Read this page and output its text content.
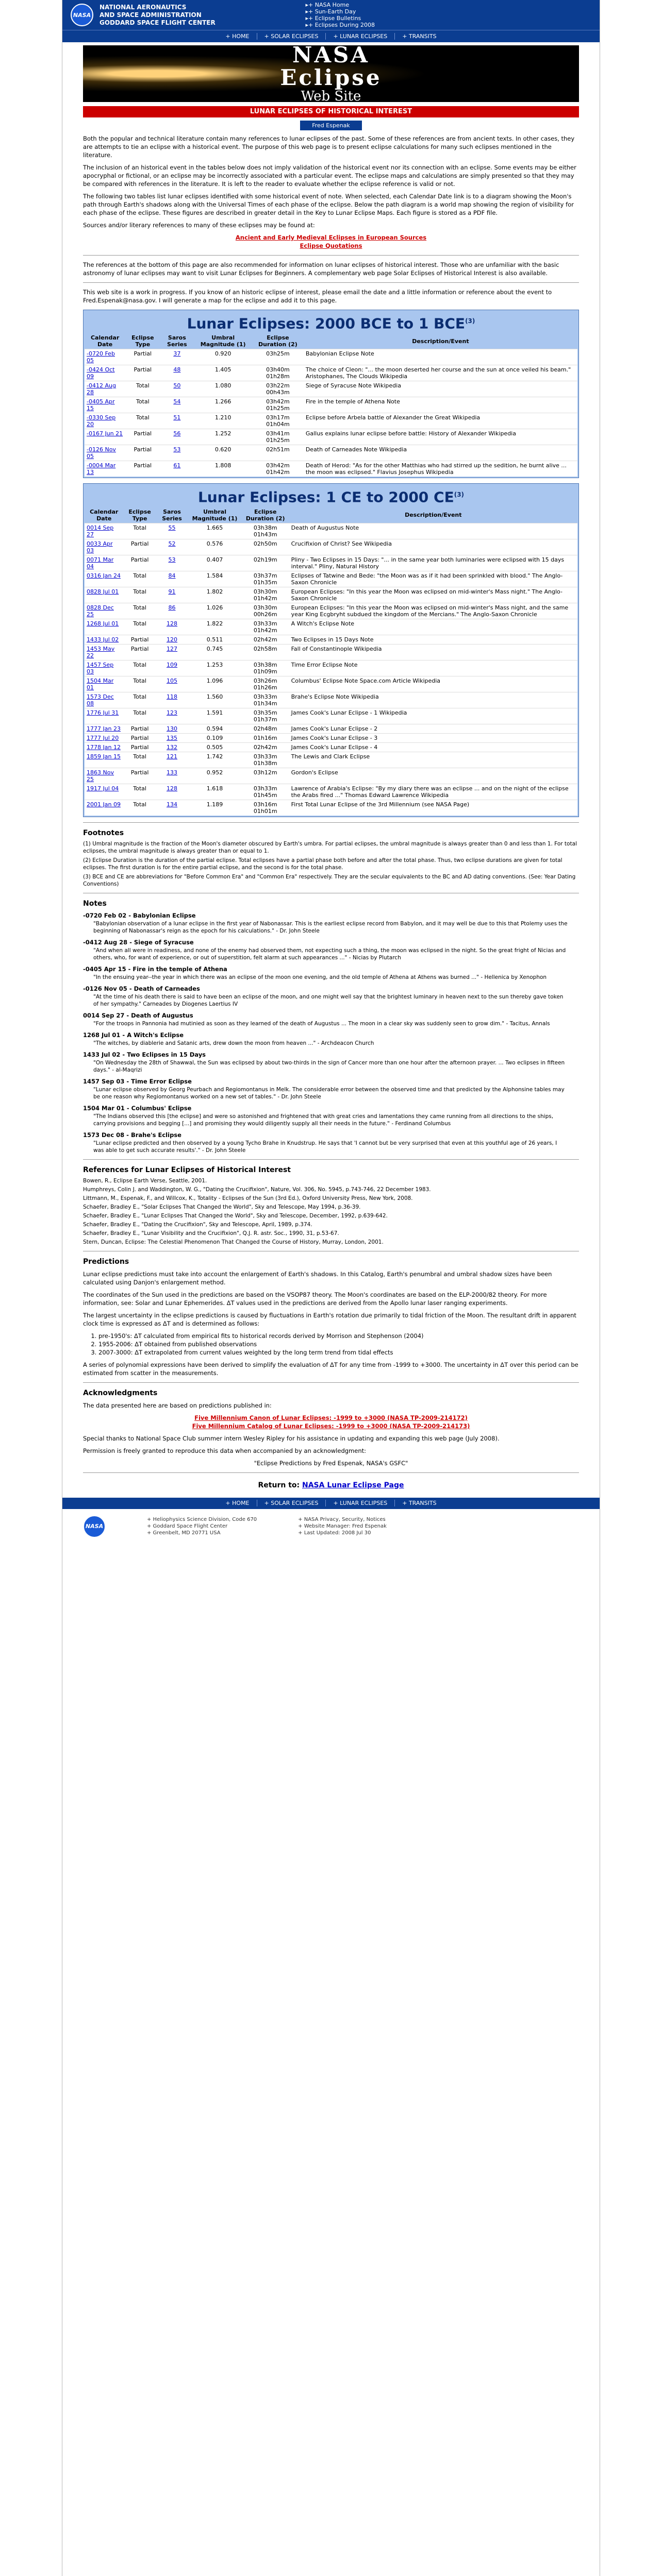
NASA
NATIONAL AERONAUTICS
AND SPACE ADMINISTRATION
GODDARD SPACE FLIGHT CENTER
▸ + NASA Home
▸ + Sun-Earth Day
▸ + Eclipse Bulletins
▸ + Eclipses During 2008
+ HOME	+ SOLAR ECLIPSES	+ LUNAR ECLIPSES	+ TRANSITS
NASA
Eclipse
Web Site
LUNAR ECLIPSES OF HISTORICAL INTEREST
Fred Espenak

Both the popular and technical literature contain many references to lunar eclipses of the past. Some of these references are from ancient texts. In other cases, they are attempts to tie an eclipse with a historical event. The purpose of this web page is to present eclipse calculations for many such eclipses mentioned in the literature.

The inclusion of an historical event in the tables below does not imply validation of the historical event nor its connection with an eclipse. Some events may be either apocryphal or fictional, or an eclipse may be incorrectly associated with a particular event. The eclipse maps and calculations are simply presented so that they may be compared with references in the literature. It is left to the reader to evaluate whether the eclipse reference is valid or not.

The following two tables list lunar eclipses identified with some historical event of note. When selected, each Calendar Date link is to a diagram showing the Moon's path through Earth's shadows along with the Universal Times of each phase of the eclipse. Below the path diagram is a world map showing the region of visibility for each phase of the eclipse. These figures are described in greater detail in the Key to Lunar Eclipse Maps. Each figure is stored as a PDF file.

Sources and/or literary references to many of these eclipses may be found at:

Ancient and Early Medieval Eclipses in European Sources
Eclipse Quotations

The references at the bottom of this page are also recommended for information on lunar eclipses of historical interest. Those who are unfamiliar with the basic astronomy of lunar eclipses may want to visit Lunar Eclipses for Beginners. A complementary web page Solar Eclipses of Historical Interest is also available.

This web site is a work in progress. If you know of an historic eclipse of interest, please email the date and a little information or reference about the event to Fred.Espenak@nasa.gov. I will generate a map for the eclipse and add it to this page.

Lunar Eclipses: 2000 BCE to 1 BCE$^{(3)}$
Calendar Date	Eclipse Type	Saros Series	Umbral Magnitude (1)	Eclipse Duration (2)	Description/Event
-0720 Feb 05	Partial	37	0.920	03h25m	Babylonian Eclipse Note
-0424 Oct 09	Partial	48	1.405	03h40m 01h28m	The choice of Cleon: "... the moon deserted her course and the sun at once veiled his beam." Aristophanes, The Clouds Wikipedia
-0412 Aug 28	Total	50	1.080	03h22m 00h43m	Siege of Syracuse Note Wikipedia
-0405 Apr 15	Total	54	1.266	03h42m 01h25m	Fire in the temple of Athena Note
-0330 Sep 20	Total	51	1.210	03h17m 01h04m	Eclipse before Arbela battle of Alexander the Great Wikipedia
-0167 Jun 21	Partial	56	1.252	03h41m 01h25m	Gallus explains lunar eclipse before battle: History of Alexander Wikipedia
-0126 Nov 05	Partial	53	0.620	02h51m	Death of Carneades Note Wikipedia
-0004 Mar 13	Partial	61	1.808	03h42m 01h42m	Death of Herod: "As for the other Matthias who had stirred up the sedition, he burnt alive ... the moon was eclipsed." Flavius Josephus Wikipedia
Lunar Eclipses: 1 CE to 2000 CE$^{(3)}$
Calendar Date	Eclipse Type	Saros Series	Umbral Magnitude (1)	Eclipse Duration (2)	Description/Event
0014 Sep 27	Total	55	1.665	03h38m 01h43m	Death of Augustus Note
0033 Apr 03	Partial	52	0.576	02h50m	Crucifixion of Christ? See Wikipedia
0071 Mar 04	Partial	53	0.407	02h19m	Pliny - Two Eclipses in 15 Days: "... in the same year both luminaries were eclipsed with 15 days interval." Pliny, Natural History
0316 Jan 24	Total	84	1.584	03h37m 01h35m	Eclipses of Tatwine and Bede: "the Moon was as if it had been sprinkled with blood." The Anglo-Saxon Chronicle
0828 Jul 01	Total	91	1.802	03h30m 01h42m	European Eclipses: "In this year the Moon was eclipsed on mid-winter's Mass night." The Anglo-Saxon Chronicle
0828 Dec 25	Total	86	1.026	03h30m 00h26m	European Eclipses: "In this year the Moon was eclipsed on mid-winter's Mass night, and the same year King Ecgbryht subdued the kingdom of the Mercians." The Anglo-Saxon Chronicle
1268 Jul 01	Total	128	1.822	03h33m 01h42m	A Witch's Eclipse Note
1433 Jul 02	Partial	120	0.511	02h42m	Two Eclipses in 15 Days Note
1453 May 22	Partial	127	0.745	02h58m	Fall of Constantinople Wikipedia
1457 Sep 03	Total	109	1.253	03h38m 01h09m	Time Error Eclipse Note
1504 Mar 01	Total	105	1.096	03h26m 01h26m	Columbus' Eclipse Note Space.com Article Wikipedia
1573 Dec 08	Total	118	1.560	03h33m 01h34m	Brahe's Eclipse Note Wikipedia
1776 Jul 31	Total	123	1.591	03h35m 01h37m	James Cook's Lunar Eclipse - 1 Wikipedia
1777 Jan 23	Partial	130	0.594	02h48m	James Cook's Lunar Eclipse - 2
1777 Jul 20	Partial	135	0.109	01h16m	James Cook's Lunar Eclipse - 3
1778 Jan 12	Partial	132	0.505	02h42m	James Cook's Lunar Eclipse - 4
1859 Jan 15	Total	121	1.742	03h33m 01h38m	The Lewis and Clark Eclipse
1863 Nov 25	Partial	133	0.952	03h12m	Gordon's Eclipse
1917 Jul 04	Total	128	1.618	03h33m 01h45m	Lawrence of Arabia's Eclipse: "By my diary there was an eclipse ... and on the night of the eclipse the Arabs fired ..." Thomas Edward Lawrence Wikipedia
2001 Jan 09	Total	134	1.189	03h16m 01h01m	First Total Lunar Eclipse of the 3rd Millennium (see NASA Page)
Footnotes

(1) Umbral magnitude is the fraction of the Moon's diameter obscured by Earth's umbra. For partial eclipses, the umbral magnitude is always greater than 0 and less than 1. For total eclipses, the umbral magnitude is always greater than or equal to 1.

(2) Eclipse Duration is the duration of the partial eclipse. Total eclipses have a partial phase both before and after the total phase. Thus, two eclipse durations are given for total eclipses. The first duration is for the entire partial eclipse, and the second is for the total phase.

(3) BCE and CE are abbreviations for "Before Common Era" and "Common Era" respectively. They are the secular equivalents to the BC and AD dating conventions. (See: Year Dating Conventions)

Notes
-0720 Feb 02 - Babylonian Eclipse

"Babylonian observation of a lunar eclipse in the first year of Nabonassar. This is the earliest eclipse record from Babylon, and it may well be due to this that Ptolemy uses the beginning of Nabonassar's reign as the epoch for his calculations." - Dr. John Steele

-0412 Aug 28 - Siege of Syracuse

"And when all were in readiness, and none of the enemy had observed them, not expecting such a thing, the moon was eclipsed in the night. So the great fright of Nicias and others, who, for want of experience, or out of superstition, felt alarm at such appearances ..." - Nicias by Plutarch

-0405 Apr 15 - Fire in the temple of Athena

"In the ensuing year--the year in which there was an eclipse of the moon one evening, and the old temple of Athena at Athens was burned ..." - Hellenica by Xenophon

-0126 Nov 05 - Death of Carneades

"At the time of his death there is said to have been an eclipse of the moon, and one might well say that the brightest luminary in heaven next to the sun thereby gave token of her sympathy." Carneades by Diogenes Laertius IV

0014 Sep 27 - Death of Augustus

"For the troops in Pannonia had mutinied as soon as they learned of the death of Augustus ... The moon in a clear sky was suddenly seen to grow dim." - Tacitus, Annals

1268 Jul 01 - A Witch's Eclipse

"The witches, by diablerie and Satanic arts, drew down the moon from heaven ..." - Archdeacon Church

1433 Jul 02 - Two Eclipses in 15 Days

"On Wednesday the 28th of Shawwal, the Sun was eclipsed by about two-thirds in the sign of Cancer more than one hour after the afternoon prayer. ... Two eclipses in fifteen days." - al-Maqrizi

1457 Sep 03 - Time Error Eclipse

"Lunar eclipse observed by Georg Peurbach and Regiomontanus in Melk. The considerable error between the observed time and that predicted by the Alphonsine tables may be one reason why Regiomontanus worked on a new set of tables." - Dr. John Steele

1504 Mar 01 - Columbus' Eclipse

"The Indians observed this [the eclipse] and were so astonished and frightened that with great cries and lamentations they came running from all directions to the ships, carrying provisions and begging [...] and promising they would diligently supply all their needs in the future." - Ferdinand Columbus

1573 Dec 08 - Brahe's Eclipse

"Lunar eclipse predicted and then observed by a young Tycho Brahe in Knudstrup. He says that 'I cannot but be very surprised that even at this youthful age of 26 years, I was able to get such accurate results'." - Dr. John Steele

References for Lunar Eclipses of Historical Interest

Bowen, R., Eclipse Earth Verse, Seattle, 2001.

Humphreys, Colin J. and Waddington, W. G., "Dating the Crucifixion", Nature, Vol. 306, No. 5945, p.743-746, 22 December 1983.

Littmann, M., Espenak, F., and Willcox, K., Totality - Eclipses of the Sun (3rd Ed.), Oxford University Press, New York, 2008.

Schaefer, Bradley E., "Solar Eclipses That Changed the World", Sky and Telescope, May 1994, p.36-39.

Schaefer, Bradley E., "Lunar Eclipses That Changed the World", Sky and Telescope, December, 1992, p.639-642.

Schaefer, Bradley E., "Dating the Crucifixion", Sky and Telescope, April, 1989, p.374.

Schaefer, Bradley E., "Lunar Visibility and the Crucifixion", Q.J. R. astr. Soc., 1990, 31, p.53-67.

Stern, Duncan, Eclipse: The Celestial Phenomenon That Changed the Course of History, Murray, London, 2001.

Predictions

Lunar eclipse predictions must take into account the enlargement of Earth's shadows. In this Catalog, Earth's penumbral and umbral shadow sizes have been calculated using Danjon's enlargement method.

The coordinates of the Sun used in the predictions are based on the VSOP87 theory. The Moon's coordinates are based on the ELP-2000/82 theory. For more information, see: Solar and Lunar Ephemerides. ΔT values used in the predictions are derived from the Apollo lunar laser ranging experiments.

The largest uncertainty in the eclipse predictions is caused by fluctuations in Earth's rotation due primarily to tidal friction of the Moon. The resultant drift in apparent clock time is expressed as ΔT and is determined as follows:

1. pre-1950's: ΔT calculated from empirical fits to historical records derived by Morrison and Stephenson (2004)
2. 1955-2006: ΔT obtained from published observations
3. 2007-3000: ΔT extrapolated from current values weighted by the long term trend from tidal effects

A series of polynomial expressions have been derived to simplify the evaluation of ΔT for any time from -1999 to +3000. The uncertainty in ΔT over this period can be estimated from scatter in the measurements.

Acknowledgments

The data presented here are based on predictions published in:

Five Millennium Canon of Lunar Eclipses: -1999 to +3000 (NASA TP-2009-214172)
Five Millennium Catalog of Lunar Eclipses: -1999 to +3000 (NASA TP-2009-214173)

Special thanks to National Space Club summer intern Wesley Ripley for his assistance in updating and expanding this web page (July 2008).

Permission is freely granted to reproduce this data when accompanied by an acknowledgment:

"Eclipse Predictions by Fred Espenak, NASA's GSFC"

Return to: NASA Lunar Eclipse Page
+ HOME	+ SOLAR ECLIPSES	+ LUNAR ECLIPSES	+ TRANSITS
NASA
+ Heliophysics Science Division, Code 670
+ Goddard Space Flight Center
+ Greenbelt, MD 20771 USA
+ NASA Privacy, Security, Notices
+ Website Manager: Fred Espenak
+ Last Updated: 2008 Jul 30
